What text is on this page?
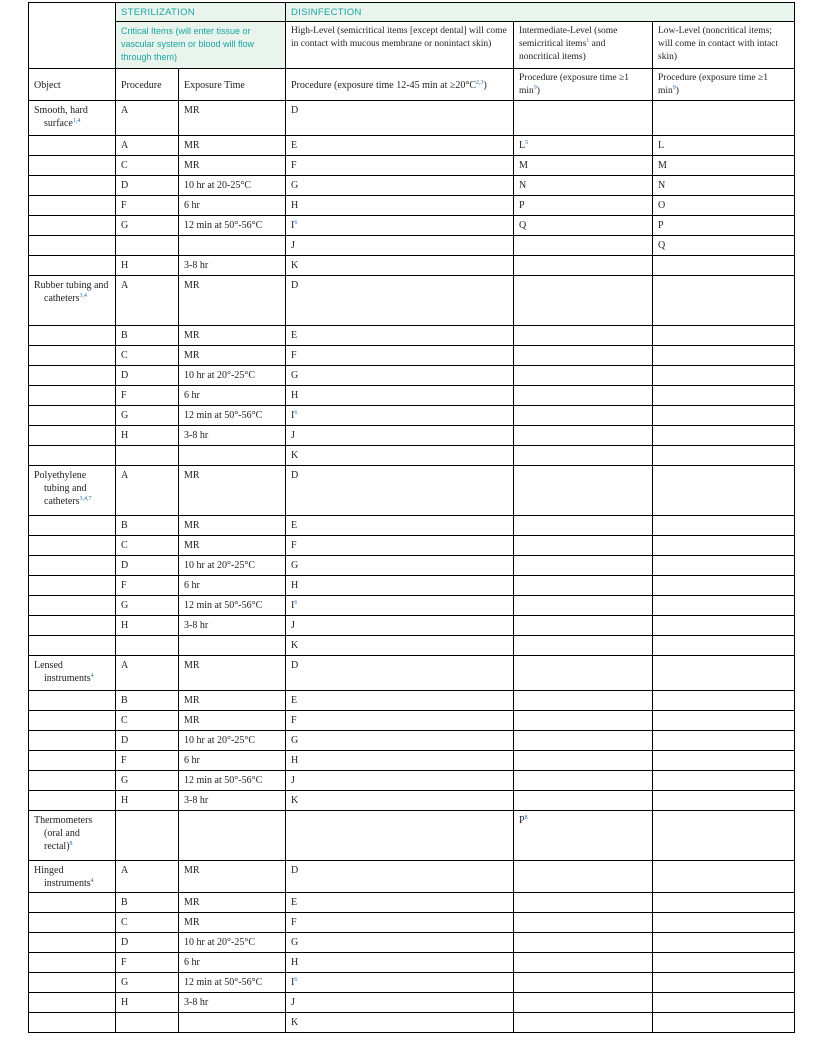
	STERILIZATION		DISINFECTION		
	Critical Items (will enter tissue or vascular system or blood will flow through them)		High-Level (semicritical items [except dental] will come in contact with mucous membrane or nonintact skin)	Intermediate-Level (some semicritical items$^1$ and noncritical items)	Low-Level (noncritical items; will come in contact with intact skin)
Object	Procedure	Exposure Time	Procedure (exposure time 12-45 min at $\ge 20^\circ C^{2,3}$)	Procedure (exposure time ≥1 $\min^9$)	Procedure (exposure time ≥1 $\min^9$)

Smooth, hard surface$^{1,4}$	A	MR	D		
	A	MR	E	$L^5$	L
	C	MR	F	M	M
	D	10 hr at 20-25°C	G	N	N
	F	6 hr	H	P	O
	G	12 min at 50°-56°C	$I^6$	Q	P
			J		Q
	H	3-8 hr	K		

Rubber tubing and catheters$^{3,4}$	A	MR	D		
	B	MR	E		
	C	MR	F		
	D	10 hr at 20°-25°C	G		
	F	6 hr	H		
	G	12 min at 50°-56°C	$I^6$		
	H	3-8 hr	J		
			K		

Polyethylene tubing and catheters$^{3,4,7}$	A	MR	D		
	B	MR	E		
	C	MR	F		
	D	10 hr at 20°-25°C	G		
	F	6 hr	H		
	G	12 min at 50°-56°C	$I^6$		
	H	3-8 hr	J		
			K		

Lensed instruments$^4$	A	MR	D		
	B	MR	E		
	C	MR	F		
	D	10 hr at 20°-25°C	G		
	F	6 hr	H		
	G	12 min at 50°-56°C	J		
	H	3-8 hr	K		

Thermometers (oral and rectal)$^8$				$P^8$	

Hinged instruments$^4$	A	MR	D		
	B	MR	E		
	C	MR	F		
	D	10 hr at 20°-25°C	G		
	F	6 hr	H		
	G	12 min at 50°-56°C	$I^6$		
	H	3-8 hr	J		
			K		
